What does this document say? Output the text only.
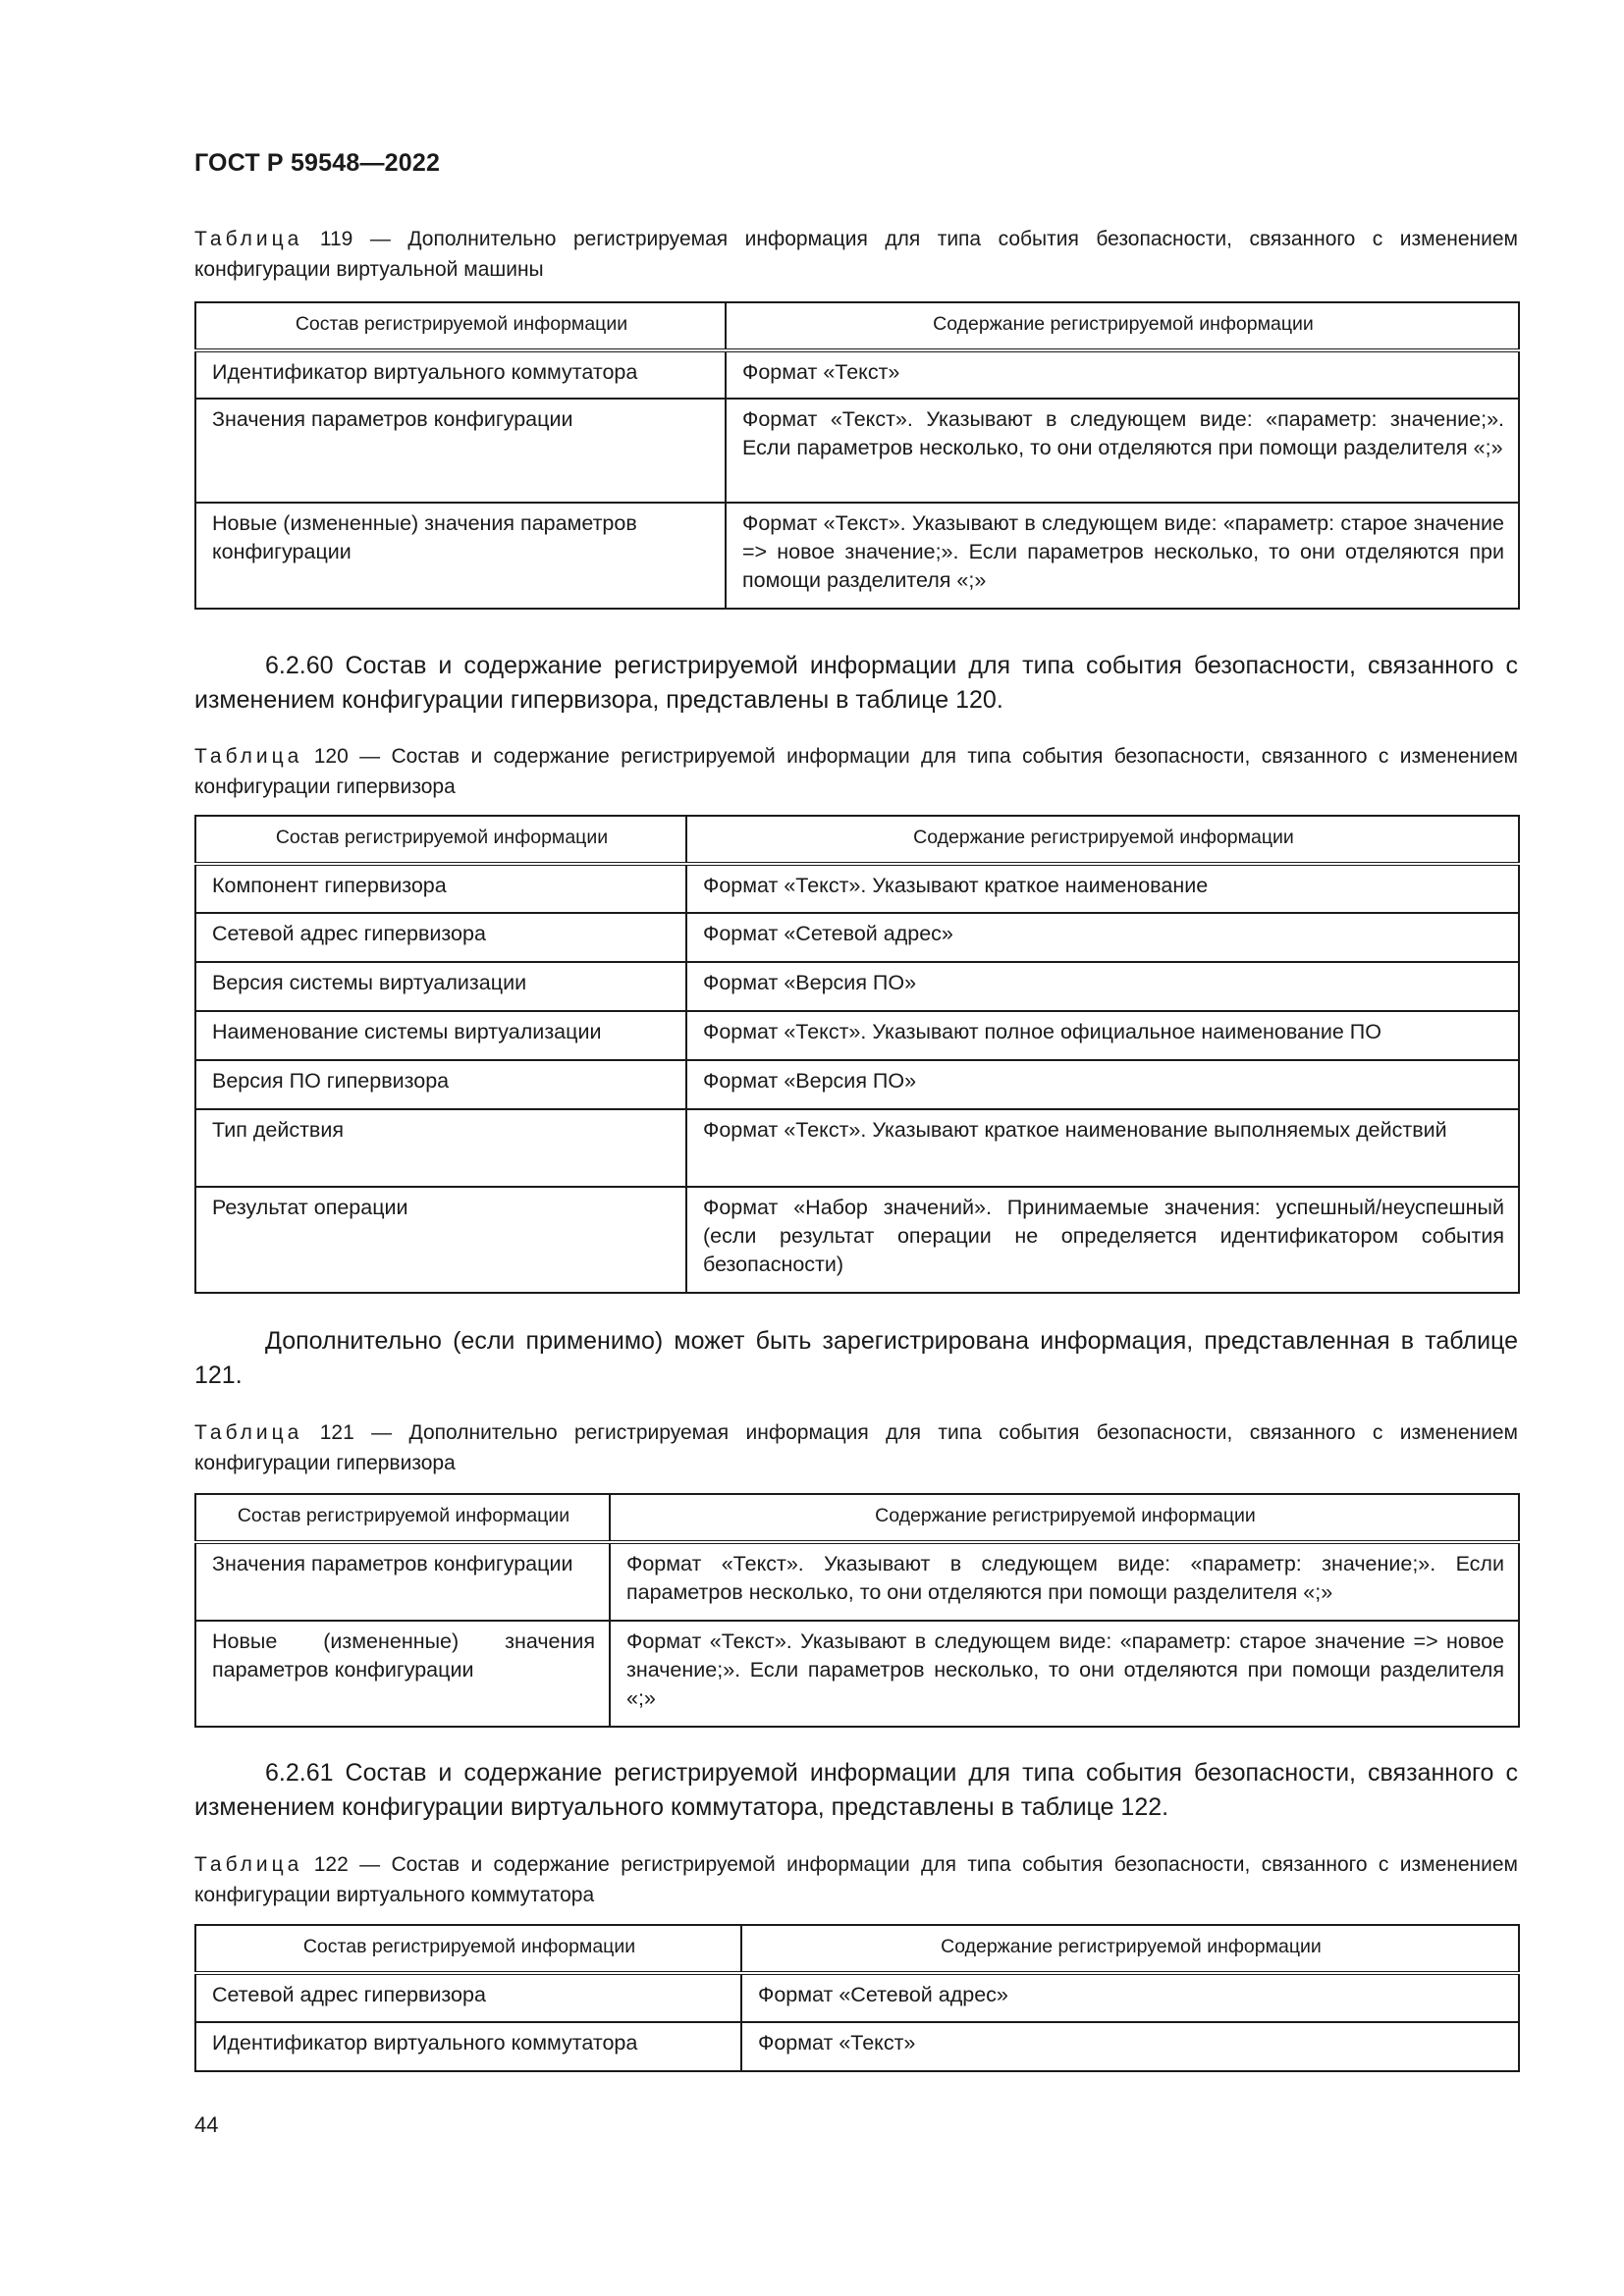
ГОСТ Р 59548—2022
Таблица 119 — Дополнительно регистрируемая информация для типа события безопасности, связанного с изменением конфигурации виртуальной машины
Состав регистрируемой информации	Содержание регистрируемой информации
Идентификатор виртуального коммутатора	Формат «Текст»
Значения параметров конфигурации	Формат «Текст». Указывают в следующем виде: «параметр: значение;». Если параметров несколько, то они отделяются при помощи разделителя «;»
Новые (измененные) значения параметров конфигурации	Формат «Текст». Указывают в следующем виде: «параметр: старое значение => новое значение;». Если параметров несколько, то они отделяются при помощи разделителя «;»
6.2.60 Состав и содержание регистрируемой информации для типа события безопасности, связанного с изменением конфигурации гипервизора, представлены в таблице 120.
Таблица 120 — Состав и содержание регистрируемой информации для типа события безопасности, связанного с изменением конфигурации гипервизора
Состав регистрируемой информации	Содержание регистрируемой информации
Компонент гипервизора	Формат «Текст». Указывают краткое наименование
Сетевой адрес гипервизора	Формат «Сетевой адрес»
Версия системы виртуализации	Формат «Версия ПО»
Наименование системы виртуализации	Формат «Текст». Указывают полное официальное наименование ПО
Версия ПО гипервизора	Формат «Версия ПО»
Тип действия	Формат «Текст». Указывают краткое наименование выполняемых действий
Результат операции	Формат «Набор значений». Принимаемые значения: успешный/неуспешный (если результат операции не определяется идентификатором события безопасности)
Дополнительно (если применимо) может быть зарегистрирована информация, представленная в таблице 121.
Таблица 121 — Дополнительно регистрируемая информация для типа события безопасности, связанного с изменением конфигурации гипервизора
Состав регистрируемой информации	Содержание регистрируемой информации
Значения параметров конфигурации	Формат «Текст». Указывают в следующем виде: «параметр: значение;». Если параметров несколько, то они отделяются при помощи разделителя «;»
Новые (измененные) значения параметров конфигурации	Формат «Текст». Указывают в следующем виде: «параметр: старое значение => новое значение;». Если параметров несколько, то они отделяются при помощи разделителя «;»
6.2.61 Состав и содержание регистрируемой информации для типа события безопасности, связанного с изменением конфигурации виртуального коммутатора, представлены в таблице 122.
Таблица 122 — Состав и содержание регистрируемой информации для типа события безопасности, связанного с изменением конфигурации виртуального коммутатора
Состав регистрируемой информации	Содержание регистрируемой информации
Сетевой адрес гипервизора	Формат «Сетевой адрес»
Идентификатор виртуального коммутатора	Формат «Текст»
44
